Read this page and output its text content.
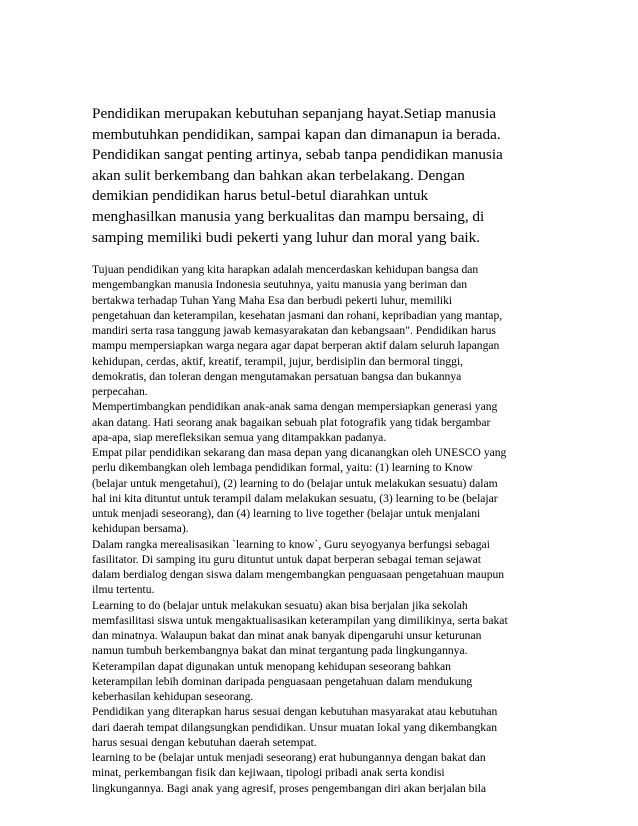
Pendidikan merupakan kebutuhan sepanjang hayat.Setiap manusia
membutuhkan pendidikan, sampai kapan dan dimanapun ia berada.
Pendidikan sangat penting artinya, sebab tanpa pendidikan manusia
akan sulit berkembang dan bahkan akan terbelakang. Dengan
demikian pendidikan harus betul-betul diarahkan untuk
menghasilkan manusia yang berkualitas dan mampu bersaing, di
samping memiliki budi pekerti yang luhur dan moral yang baik.

Tujuan pendidikan yang kita harapkan adalah mencerdaskan kehidupan bangsa dan
mengembangkan manusia Indonesia seutuhnya, yaitu manusia yang beriman dan
bertakwa terhadap Tuhan Yang Maha Esa dan berbudi pekerti luhur, memiliki
pengetahuan dan keterampilan, kesehatan jasmani dan rohani, kepribadian yang mantap,
mandiri serta rasa tanggung jawab kemasyarakatan dan kebangsaan". Pendidikan harus
mampu mempersiapkan warga negara agar dapat berperan aktif dalam seluruh lapangan
kehidupan, cerdas, aktif, kreatif, terampil, jujur, berdisiplin dan bermoral tinggi,
demokratis, dan toleran dengan mengutamakan persatuan bangsa dan bukannya
perpecahan.

Mempertimbangkan pendidikan anak-anak sama dengan mempersiapkan generasi yang
akan datang. Hati seorang anak bagaikan sebuah plat fotografik yang tidak bergambar
apa-apa, siap merefleksikan semua yang ditampakkan padanya.

Empat pilar pendidikan sekarang dan masa depan yang dicanangkan oleh UNESCO yang
perlu dikembangkan oleh lembaga pendidikan formal, yaitu: (1) learning to Know
(belajar untuk mengetahui), (2) learning to do (belajar untuk melakukan sesuatu) dalam
hal ini kita dituntut untuk terampil dalam melakukan sesuatu, (3) learning to be (belajar
untuk menjadi seseorang), dan (4) learning to live together (belajar untuk menjalani
kehidupan bersama).

Dalam rangka merealisasikan `learning to know`, Guru seyogyanya berfungsi sebagai
fasilitator. Di samping itu guru dituntut untuk dapat berperan sebagai teman sejawat
dalam berdialog dengan siswa dalam mengembangkan penguasaan pengetahuan maupun
ilmu tertentu.

Learning to do (belajar untuk melakukan sesuatu) akan bisa berjalan jika sekolah
memfasilitasi siswa untuk mengaktualisasikan keterampilan yang dimilikinya, serta bakat
dan minatnya. Walaupun bakat dan minat anak banyak dipengaruhi unsur keturunan
namun tumbuh berkembangnya bakat dan minat tergantung pada lingkungannya.
Keterampilan dapat digunakan untuk menopang kehidupan seseorang bahkan
keterampilan lebih dominan daripada penguasaan pengetahuan dalam mendukung
keberhasilan kehidupan seseorang.

Pendidikan yang diterapkan harus sesuai dengan kebutuhan masyarakat atau kebutuhan
dari daerah tempat dilangsungkan pendidikan. Unsur muatan lokal yang dikembangkan
harus sesuai dengan kebutuhan daerah setempat.

learning to be (belajar untuk menjadi seseorang) erat hubungannya dengan bakat dan
minat, perkembangan fisik dan kejiwaan, tipologi pribadi anak serta kondisi
lingkungannya. Bagi anak yang agresif, proses pengembangan diri akan berjalan bila
